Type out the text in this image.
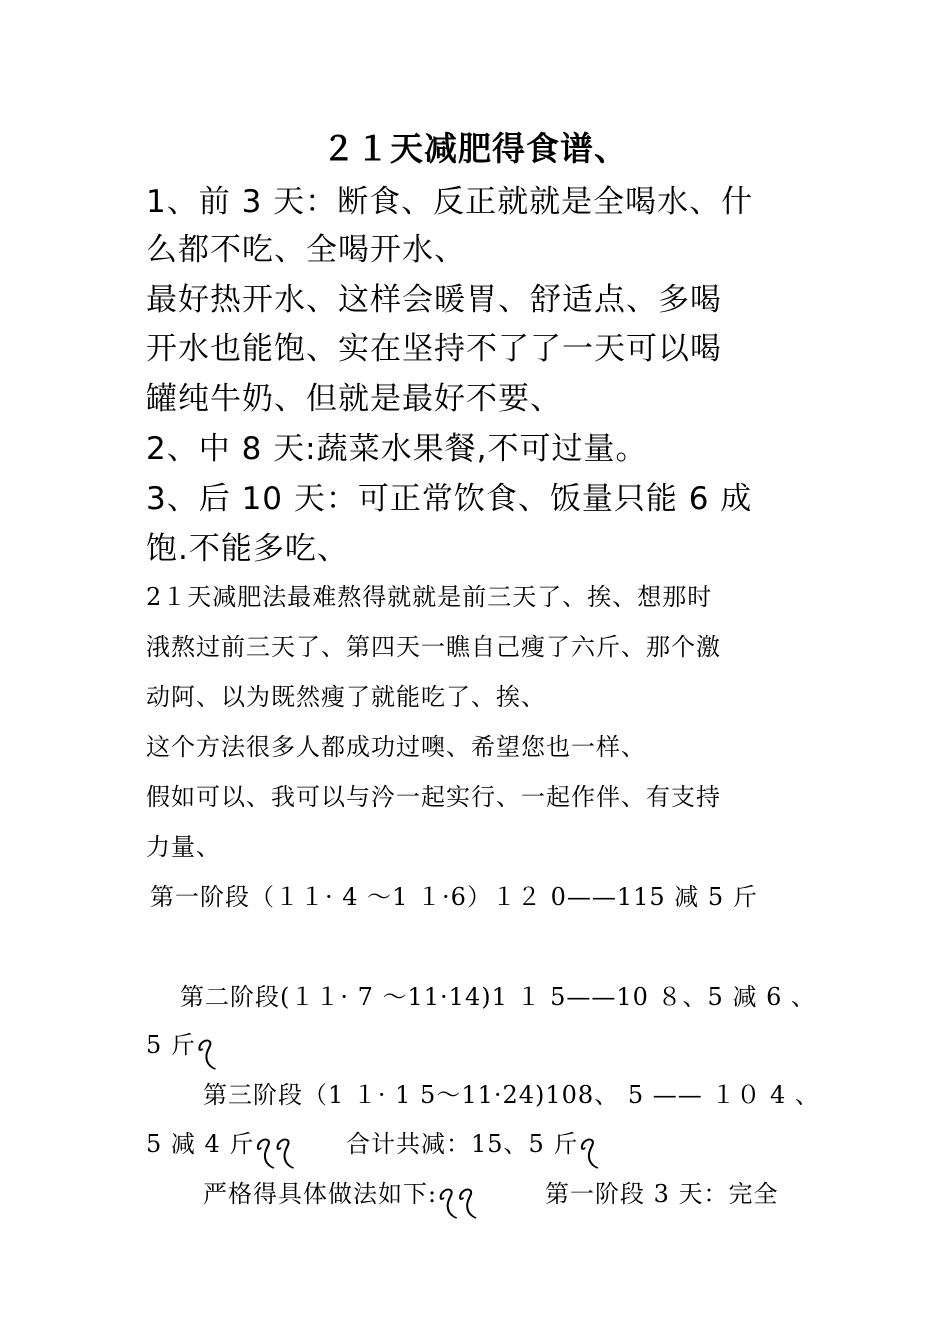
２１天减肥得食谱、
1、前 3 天：断食、反正就就是全喝水、什
么都不吃、全喝开水、
最好热开水、这样会暖胃、舒适点、多喝
开水也能饱、实在坚持不了了一天可以喝
罐纯牛奶、但就是最好不要、
2、中 8 天:蔬菜水果餐,不可过量。
3、后 10 天：可正常饮食、饭量只能 6 成
饱.不能多吃、
2１天减肥法最难熬得就就是前三天了、挨、想那时
涐熬过前三天了、第四天一瞧自己瘦了六斤、那个激
动阿、以为既然瘦了就能吃了、挨、
这个方法很多人都成功过噢、希望您也一样、
假如可以、我可以与汵一起实行、一起作伴、有支持
力量、
第一阶段（１１· 4 ～1 １·6）１２ 0——115 减 5 斤
第二阶段(１１· 7 ～11·14)1 １ 5——10 ８、5 减 6 、
5 斤ꪖ
第三阶段（1 １· 1 5～11·24)108、 5 —— １０ 4 、
5 减 4 斤ꪖꪖ 合计共减：15、5 斤ꪖ
严格得具体做法如下:ꪖꪖ	第一阶段 3 天：完全
